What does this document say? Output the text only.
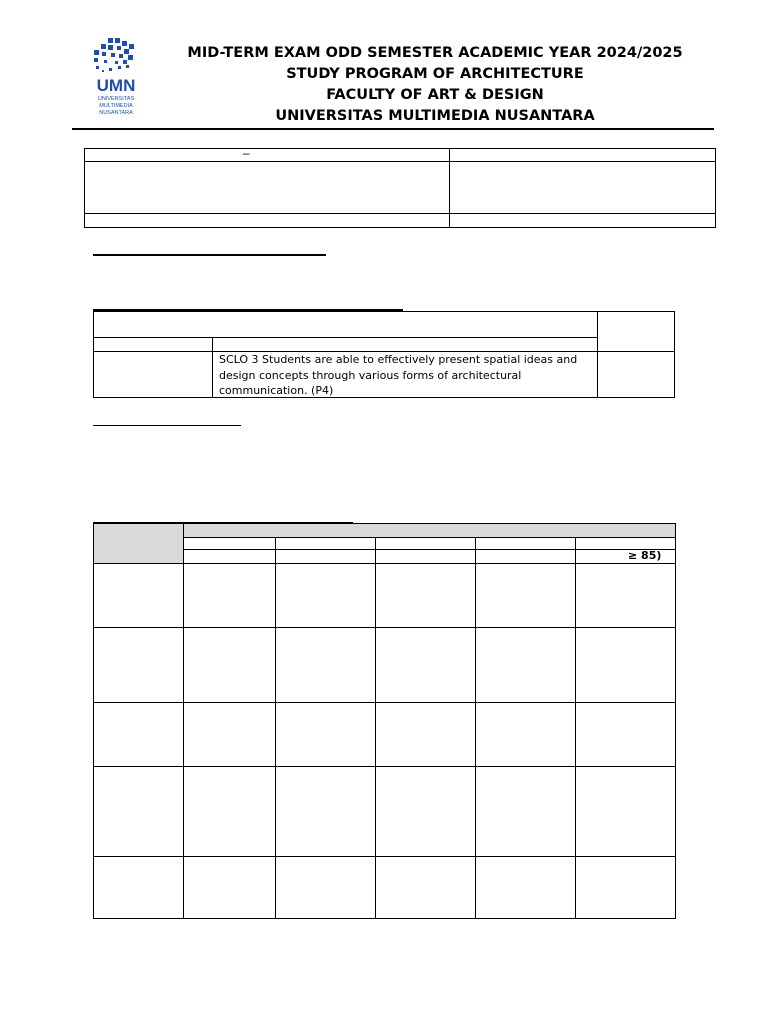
UMN
UNIVERSITAS
MULTIMEDIA
NUSANTARA
MID-TERM EXAM ODD SEMESTER ACADEMIC YEAR 2024/2025
STUDY PROGRAM OF ARCHITECTURE
FACULTY OF ART & DESIGN
UNIVERSITAS MULTIMEDIA NUSANTARA
–
SCLO 3 Students are able to effectively present spatial ideas and design concepts through various forms of architectural communication. (P4)
≥ 85)
